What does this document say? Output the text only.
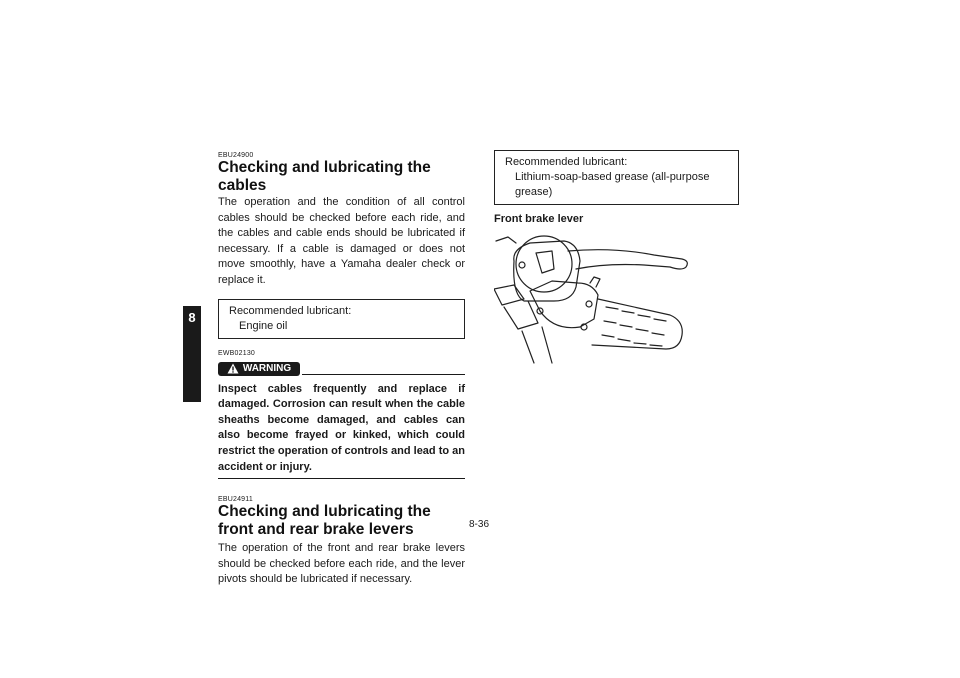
8
EBU24900
Checking and lubricating the cables

The operation and the condition of all control cables should be checked before each ride, and the cables and cable ends should be lubricated if necessary. If a cable is damaged or does not move smoothly, have a Yamaha dealer check or replace it.

Recommended lubricant:
Engine oil
EWB02130
WARNING
Inspect cables frequently and replace if damaged. Corrosion can result when the cable sheaths become damaged, and cables can also become frayed or kinked, which could restrict the operation of controls and lead to an accident or injury.
EBU24911
Checking and lubricating the front and rear brake levers

The operation of the front and rear brake levers should be checked before each ride, and the lever pivots should be lubricated if necessary.

Recommended lubricant:
Lithium-soap-based grease (all-purpose grease)
Front brake lever
8-36
